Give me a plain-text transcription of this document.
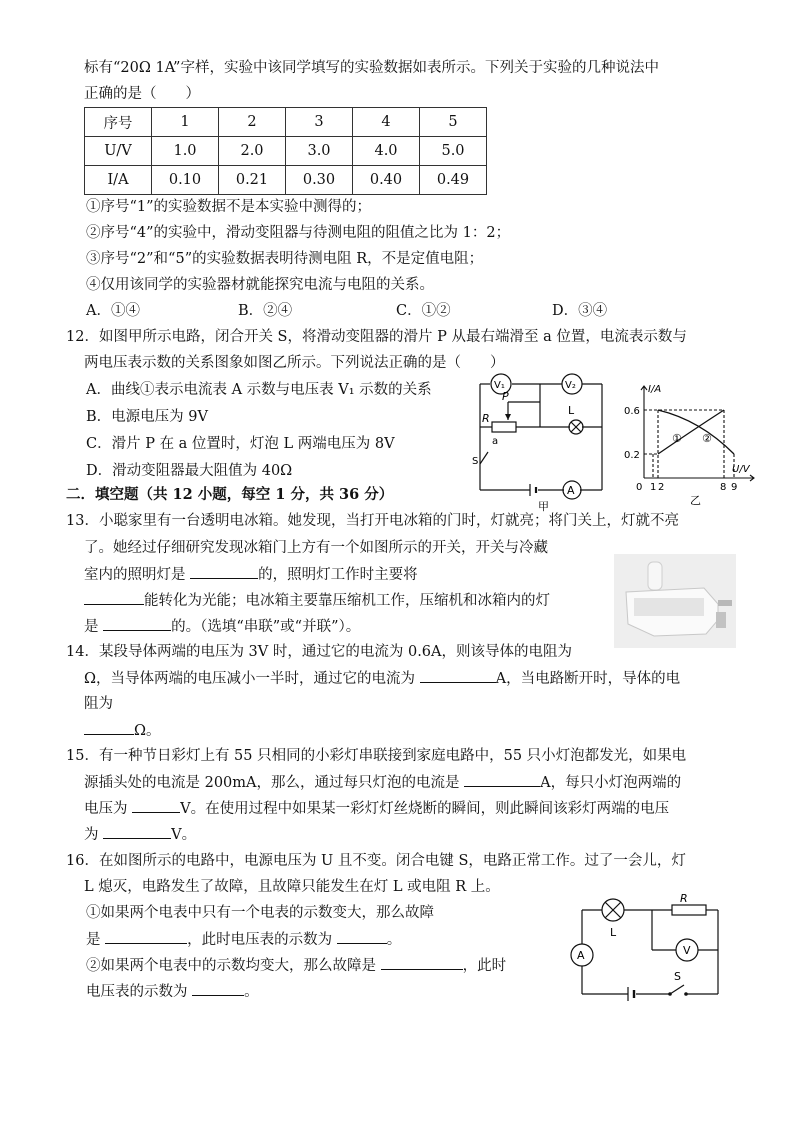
标有“20Ω 1A”字样，实验中该同学填写的实验数据如表所示。下列关于实验的几种说法中
正确的是（　　）
序号	1	2	3	4	5
U/V	1.0	2.0	3.0	4.0	5.0
I/A	0.10	0.21	0.30	0.40	0.49
①序号“1”的实验数据不是本实验中测得的；
②序号“4”的实验中，滑动变阻器与待测电阻的阻值之比为 1：2；
③序号“2”和“5”的实验数据表明待测电阻 R，不是定值电阻；
④仅用该同学的实验器材就能探究电流与电阻的关系。
A．①④	B．②④	C．①②	D．③④
12．如图甲所示电路，闭合开关 S，将滑动变阻器的滑片 P 从最右端滑至 a 位置，电流表示数与
两电压表示数的关系图象如图乙所示。下列说法正确的是（　　）
A．曲线①表示电流表 A 示数与电压表 V₁ 示数的关系
B．电源电压为 9V
C．滑片 P 在 a 位置时，灯泡 L 两端电压为 8V
D．滑动变阻器最大阻值为 40Ω
V₁	V₂
R
P
a
L
S
A
甲
I/A
U/V
0.6
0.2
0 1 2	8 9
① ②
乙
二．填空题（共 12 小题，每空 1 分，共 36 分）
13．小聪家里有一台透明电冰箱。她发现，当打开电冰箱的门时，灯就亮；将门关上，灯就不亮
了。她经过仔细研究发现冰箱门上方有一个如图所示的开关，开关与冷藏
室内的照明灯是	的，照明灯工作时主要将
能转化为光能；电冰箱主要靠压缩机工作，压缩机和冰箱内的灯
是	的。（选填“串联”或“并联”）。
14．某段导体两端的电压为 3V 时，通过它的电流为 0.6A，则该导体的电阻为
Ω，当导体两端的电压减小一半时，通过它的电流为	A，当电路断开时，导体的电
阻为
Ω。
15．有一种节日彩灯上有 55 只相同的小彩灯串联接到家庭电路中，55 只小灯泡都发光，如果电
源插头处的电流是 200mA，那么，通过每只灯泡的电流是	A，每只小灯泡两端的
电压为	V。在使用过程中如果某一彩灯灯丝烧断的瞬间，则此瞬间该彩灯两端的电压
为	V。
16．在如图所示的电路中，电源电压为 U 且不变。闭合电键 S，电路正常工作。过了一会儿，灯
L 熄灭，电路发生了故障，且故障只能发生在灯 L 或电阻 R 上。
①如果两个电表中只有一个电表的示数变大，那么故障
是	，此时电压表的示数为	。
②如果两个电表中的示数均变大，那么故障是	，此时
电压表的示数为	。
L
R
V
A
S
